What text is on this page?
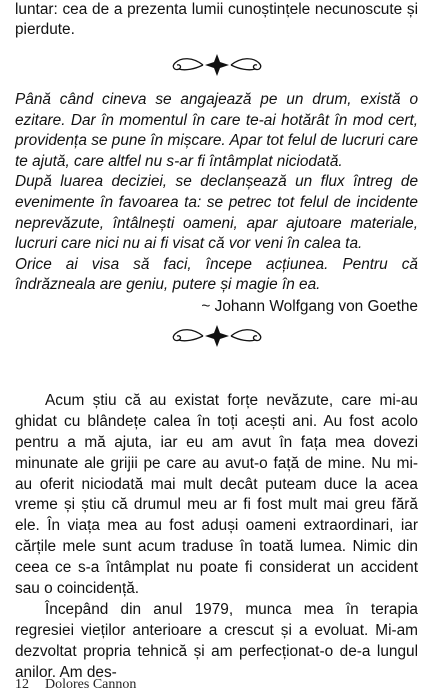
luntar: cea de a prezenta lumii cunoștințele necunoscute și pierdute.

Până când cineva se angajează pe un drum, există o ezitare. Dar în momentul în care te-ai hotărât în mod cert, providența se pune în mișcare. Apar tot felul de lucruri care te ajută, care altfel nu s-ar fi întâmplat niciodată.

După luarea deciziei, se declanșează un flux întreg de evenimente în favoarea ta: se petrec tot felul de incidente neprevăzute, întâlnești oameni, apar ajutoare materiale, lucruri care nici nu ai fi visat că vor veni în calea ta.

Orice ai visa să faci, începe acțiunea. Pentru că îndrăzneala are geniu, putere și magie în ea.

~ Johann Wolfgang von Goethe

Acum știu că au existat forțe nevăzute, care mi-au ghidat cu blândețe calea în toți acești ani. Au fost acolo pentru a mă ajuta, iar eu am avut în fața mea dovezi minunate ale grijii pe care au avut-o față de mine. Nu mi-au oferit niciodată mai mult decât puteam duce la acea vreme și știu că drumul meu ar fi fost mult mai greu fără ele. În viața mea au fost aduși oameni extraordinari, iar cărțile mele sunt acum traduse în toată lumea. Nimic din ceea ce s-a întâmplat nu poate fi considerat un accident sau o coincidență.

Începând din anul 1979, munca mea în terapia regresiei vieților anterioare a crescut și a evoluat. Mi-am dezvoltat propria tehnică și am perfecționat-o de-a lungul anilor. Am des-

12 Dolores Cannon
